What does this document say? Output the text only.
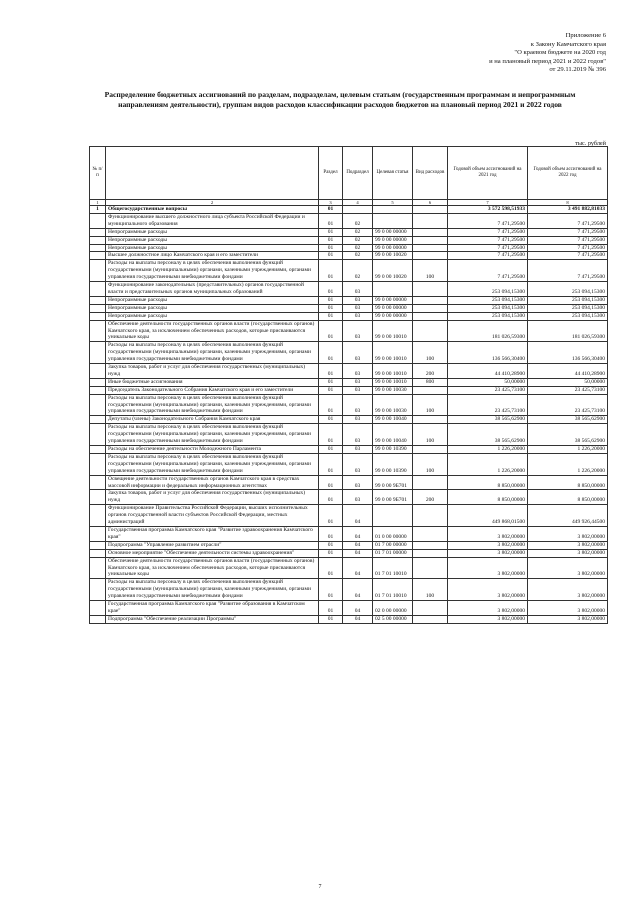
Приложение 6
к Закону Камчатского края
"О краевом бюджете на 2020 год
и на плановый период 2021 и 2022 годов"
от 29.11.2019 № 396
Распределение бюджетных ассигнований по разделам, подразделам, целевым статьям (государственным программам и непрограммным направлениям деятельности), группам видов расходов классификации расходов бюджетов на плановый период 2021 и 2022 годов
тыс. рублей
№ п/п		Раздел	Подраздел	Целевая статья	Вид расходов	Годовой объем ассигнований на 2021 год	Годовой объем ассигнований на 2022 год
1	2	3	4	5	6	7	8
1	Общегосударственные вопросы	01				3 572 598,51933	3 491 882,81033
	Функционирование высшего должностного лица субъекта Российской Федерации и муниципального образования	01	02			7 471,29500	7 471,29500
	Непрограммные расходы	01	02	99 0 00 00000		7 471,29500	7 471,29500
	Непрограммные расходы	01	02	99 0 00 00000		7 471,29500	7 471,29500
	Непрограммные расходы	01	02	99 0 00 00000		7 471,29500	7 471,29500
	Высшее должностное лицо Камчатского края и его заместители	01	02	99 0 00 10020		7 471,29500	7 471,29500
	Расходы на выплаты персоналу в целях обеспечения выполнения функций государственными (муниципальными) органами, казенными учреждениями, органами управления государственными внебюджетными фондами	01	02	99 0 00 10020	100	7 471,29500	7 471,29500
	Функционирование законодательных (представительных) органов государственной власти и представительных органов муниципальных образований	01	03			253 094,15300	253 094,15300
	Непрограммные расходы	01	03	99 0 00 00000		253 094,15300	253 094,15300
	Непрограммные расходы	01	03	99 0 00 00000		253 094,15300	253 094,15300
	Непрограммные расходы	01	03	99 0 00 00000		253 094,15300	253 094,15300
	Обеспечение деятельности государственных органов власти (государственных органов) Камчатского края, за исключением обеспеченных расходов, которые присваиваются уникальные коды	01	03	99 0 00 10010		181 026,59300	181 026,59300
	Расходы на выплаты персоналу в целях обеспечения выполнения функций государственными (муниципальными) органами, казенными учреждениями, органами управления государственными внебюджетными фондами	01	03	99 0 00 10010	100	136 566,30400	136 566,30400
	Закупка товаров, работ и услуг для обеспечения государственных (муниципальных) нужд	01	03	99 0 00 10010	200	44 410,28900	44 410,28900
	Иные бюджетные ассигнования	01	03	99 0 00 10010	800	50,00000	50,00000
	Председатель Законодательного Собрания Камчатского края и его заместители	01	03	99 0 00 10030		23 425,73100	23 425,73100
	Расходы на выплаты персоналу в целях обеспечения выполнения функций государственными (муниципальными) органами, казенными учреждениями, органами управления государственными внебюджетными фондами	01	03	99 0 00 10030	100	23 425,73100	23 425,73100
	Депутаты (члены) Законодательного Собрания Камчатского края	01	03	99 0 00 10040		38 565,62900	38 565,62900
	Расходы на выплаты персоналу в целях обеспечения выполнения функций государственными (муниципальными) органами, казенными учреждениями, органами управления государственными внебюджетными фондами	01	03	99 0 00 10040	100	38 565,62900	38 565,62900
	Расходы на обеспечение деятельности Молодежного Парламента	01	03	99 0 00 10390		1 226,20000	1 226,20000
	Расходы на выплаты персоналу в целях обеспечения выполнения функций государственными (муниципальными) органами, казенными учреждениями, органами управления государственными внебюджетными фондами	01	03	99 0 00 10390	100	1 226,20000	1 226,20000
	Освещение деятельности государственных органов Камчатского края в средствах массовой информации и федеральных информационных агентствах	01	03	99 0 00 9Б701		8 850,00000	8 850,00000
	Закупка товаров, работ и услуг для обеспечения государственных (муниципальных) нужд	01	03	99 0 00 9Б701	200	8 850,00000	8 850,00000
	Функционирование Правительства Российской Федерации, высших исполнительных органов государственной власти субъектов Российской Федерации, местных администраций	01	04			449 868,01500	449 926,44500
	Государственная программа Камчатского края "Развитие здравоохранения Камчатского края"	01	04	01 0 00 00000		3 802,00000	3 802,00000
	Подпрограмма "Управление развитием отрасли"	01	04	01 7 00 00000		3 802,00000	3 802,00000
	Основное мероприятие "Обеспечение деятельности системы здравоохранения"	01	04	01 7 01 00000		3 802,00000	3 802,00000
	Обеспечение деятельности государственных органов власти (государственных органов) Камчатского края, за исключением обеспеченных расходов, которые присваиваются уникальные коды	01	04	01 7 01 10010		3 802,00000	3 802,00000
	Расходы на выплаты персоналу в целях обеспечения выполнения функций государственными (муниципальными) органами, казенными учреждениями, органами управления государственными внебюджетными фондами	01	04	01 7 01 10010	100	3 802,00000	3 802,00000
	Государственная программа Камчатского края "Развитие образования в Камчатском крае"	01	04	02 0 00 00000		3 802,00000	3 802,00000
	Подпрограмма "Обеспечение реализации Программы"	01	04	02 5 00 00000		3 802,00000	3 802,00000
7
